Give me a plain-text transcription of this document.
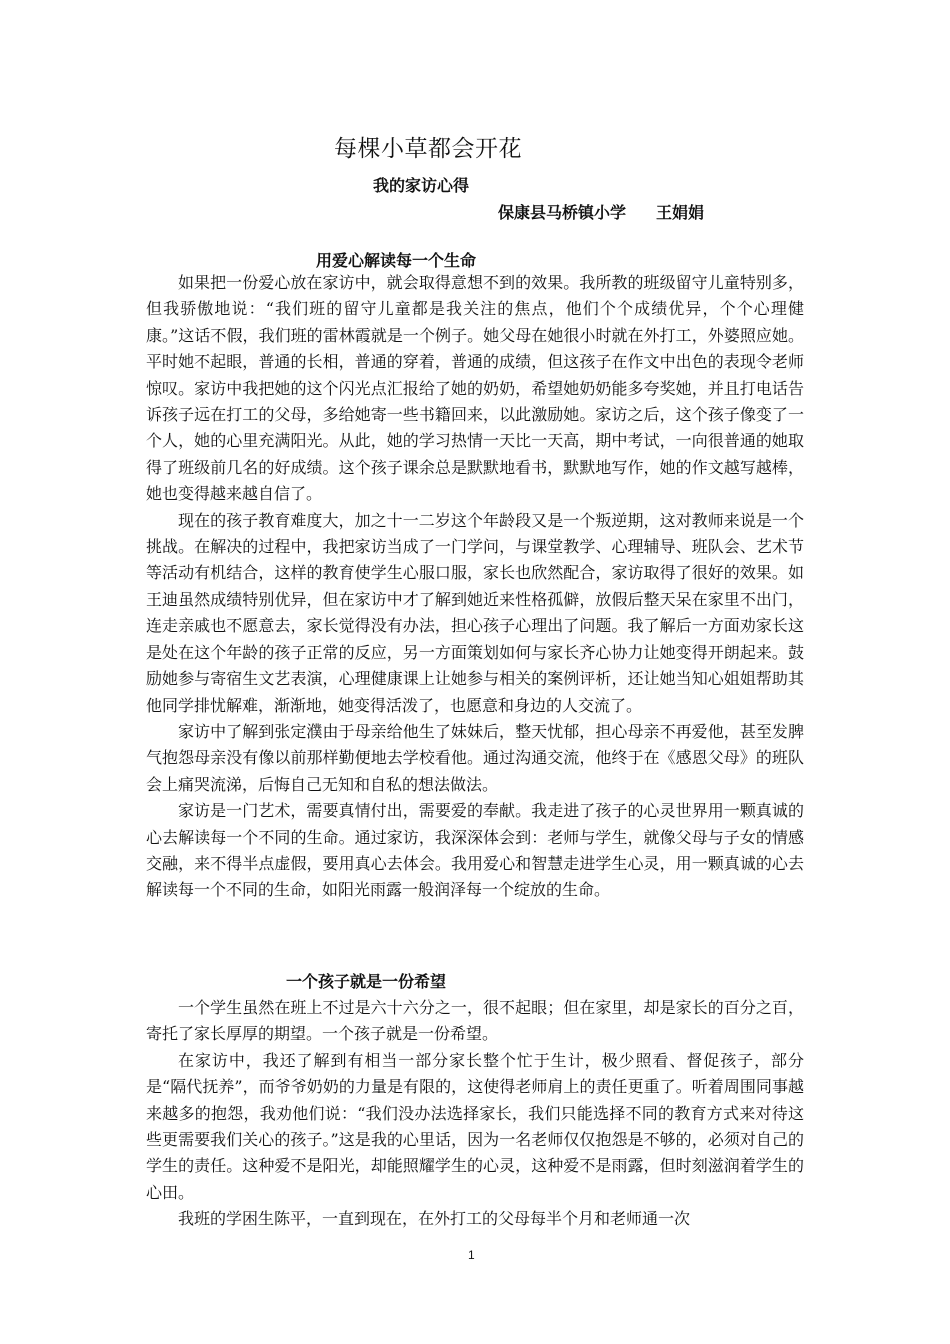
每棵小草都会开花
我的家访心得
保康县马桥镇小学 王娟娟
用爱心解读每一个生命

如果把一份爱心放在家访中，就会取得意想不到的效果。我所教的班级留守儿童特别多，但我骄傲地说：“我们班的留守儿童都是我关注的焦点，他们个个成绩优异，个个心理健康。”这话不假，我们班的雷林霞就是一个例子。她父母在她很小时就在外打工，外婆照应她。平时她不起眼，普通的长相，普通的穿着，普通的成绩，但这孩子在作文中出色的表现令老师惊叹。家访中我把她的这个闪光点汇报给了她的奶奶，希望她奶奶能多夸奖她，并且打电话告诉孩子远在打工的父母，多给她寄一些书籍回来，以此激励她。家访之后，这个孩子像变了一个人，她的心里充满阳光。从此，她的学习热情一天比一天高，期中考试，一向很普通的她取得了班级前几名的好成绩。这个孩子课余总是默默地看书，默默地写作，她的作文越写越棒，她也变得越来越自信了。

现在的孩子教育难度大，加之十一二岁这个年龄段又是一个叛逆期，这对教师来说是一个挑战。在解决的过程中，我把家访当成了一门学问，与课堂教学、心理辅导、班队会、艺术节等活动有机结合，这样的教育使学生心服口服，家长也欣然配合，家访取得了很好的效果。如王迪虽然成绩特别优异，但在家访中才了解到她近来性格孤僻，放假后整天呆在家里不出门，连走亲戚也不愿意去，家长觉得没有办法，担心孩子心理出了问题。我了解后一方面劝家长这是处在这个年龄的孩子正常的反应，另一方面策划如何与家长齐心协力让她变得开朗起来。鼓励她参与寄宿生文艺表演，心理健康课上让她参与相关的案例评析，还让她当知心姐姐帮助其他同学排忧解难，渐渐地，她变得活泼了，也愿意和身边的人交流了。

家访中了解到张定濮由于母亲给他生了妹妹后，整天忧郁，担心母亲不再爱他，甚至发脾气抱怨母亲没有像以前那样勤便地去学校看他。通过沟通交流，他终于在《感恩父母》的班队会上痛哭流涕，后悔自己无知和自私的想法做法。

家访是一门艺术，需要真情付出，需要爱的奉献。我走进了孩子的心灵世界用一颗真诚的心去解读每一个不同的生命。通过家访，我深深体会到：老师与学生，就像父母与子女的情感交融，来不得半点虚假，要用真心去体会。我用爱心和智慧走进学生心灵，用一颗真诚的心去解读每一个不同的生命，如阳光雨露一般润泽每一个绽放的生命。

一个孩子就是一份希望

一个学生虽然在班上不过是六十六分之一，很不起眼；但在家里，却是家长的百分之百，寄托了家长厚厚的期望。一个孩子就是一份希望。

在家访中，我还了解到有相当一部分家长整个忙于生计，极少照看、督促孩子，部分是“隔代抚养”，而爷爷奶奶的力量是有限的，这使得老师肩上的责任更重了。听着周围同事越来越多的抱怨，我劝他们说：“我们没办法选择家长，我们只能选择不同的教育方式来对待这些更需要我们关心的孩子。”这是我的心里话，因为一名老师仅仅抱怨是不够的，必须对自己的学生的责任。这种爱不是阳光，却能照耀学生的心灵，这种爱不是雨露，但时刻滋润着学生的心田。

我班的学困生陈平，一直到现在，在外打工的父母每半个月和老师通一次

1
